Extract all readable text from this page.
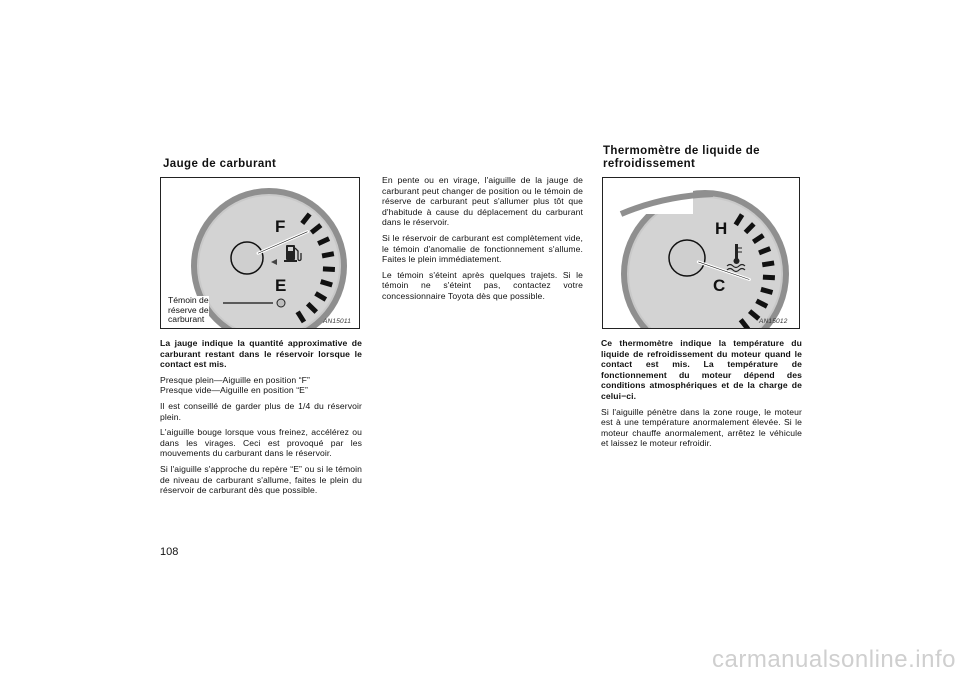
Jauge de carburant
F
E
Témoin de
réserve de
carburant	AN15011

La jauge indique la quantité approximative de carburant restant dans le réservoir lorsque le contact est mis.

Presque plein—Aiguille en position “F”

Presque vide—Aiguille en position “E”

Il est conseillé de garder plus de 1/4 du réservoir plein.

L'aiguille bouge lorsque vous freinez, accélérez ou dans les virages. Ceci est provoqué par les mouvements du carburant dans le réservoir.

Si l'aiguille s'approche du repère “E” ou si le témoin de niveau de carburant s'allume, faites le plein du réservoir de carburant dès que possible.

En pente ou en virage, l'aiguille de la jauge de carburant peut changer de position ou le témoin de réserve de carburant peut s'allumer plus tôt que d'habitude à cause du déplacement du carburant dans le réservoir.

Si le réservoir de carburant est complètement vide, le témoin d'anomalie de fonctionnement s'allume. Faites le plein immédiatement.

Le témoin s'éteint après quelques trajets. Si le témoin ne s'éteint pas, contactez votre concessionnaire Toyota dès que possible.

Thermomètre de liquide de
refroidissement
H
C
AN15012

Ce thermomètre indique la température du liquide de refroidissement du moteur quand le contact est mis. La température de fonctionnement du moteur dépend des conditions atmosphériques et de la charge de celui−ci.

Si l'aiguille pénètre dans la zone rouge, le moteur est à une température anormalement élevée. Si le moteur chauffe anormalement, arrêtez le véhicule et laissez le moteur refroidir.

108
carmanualsonline.info
